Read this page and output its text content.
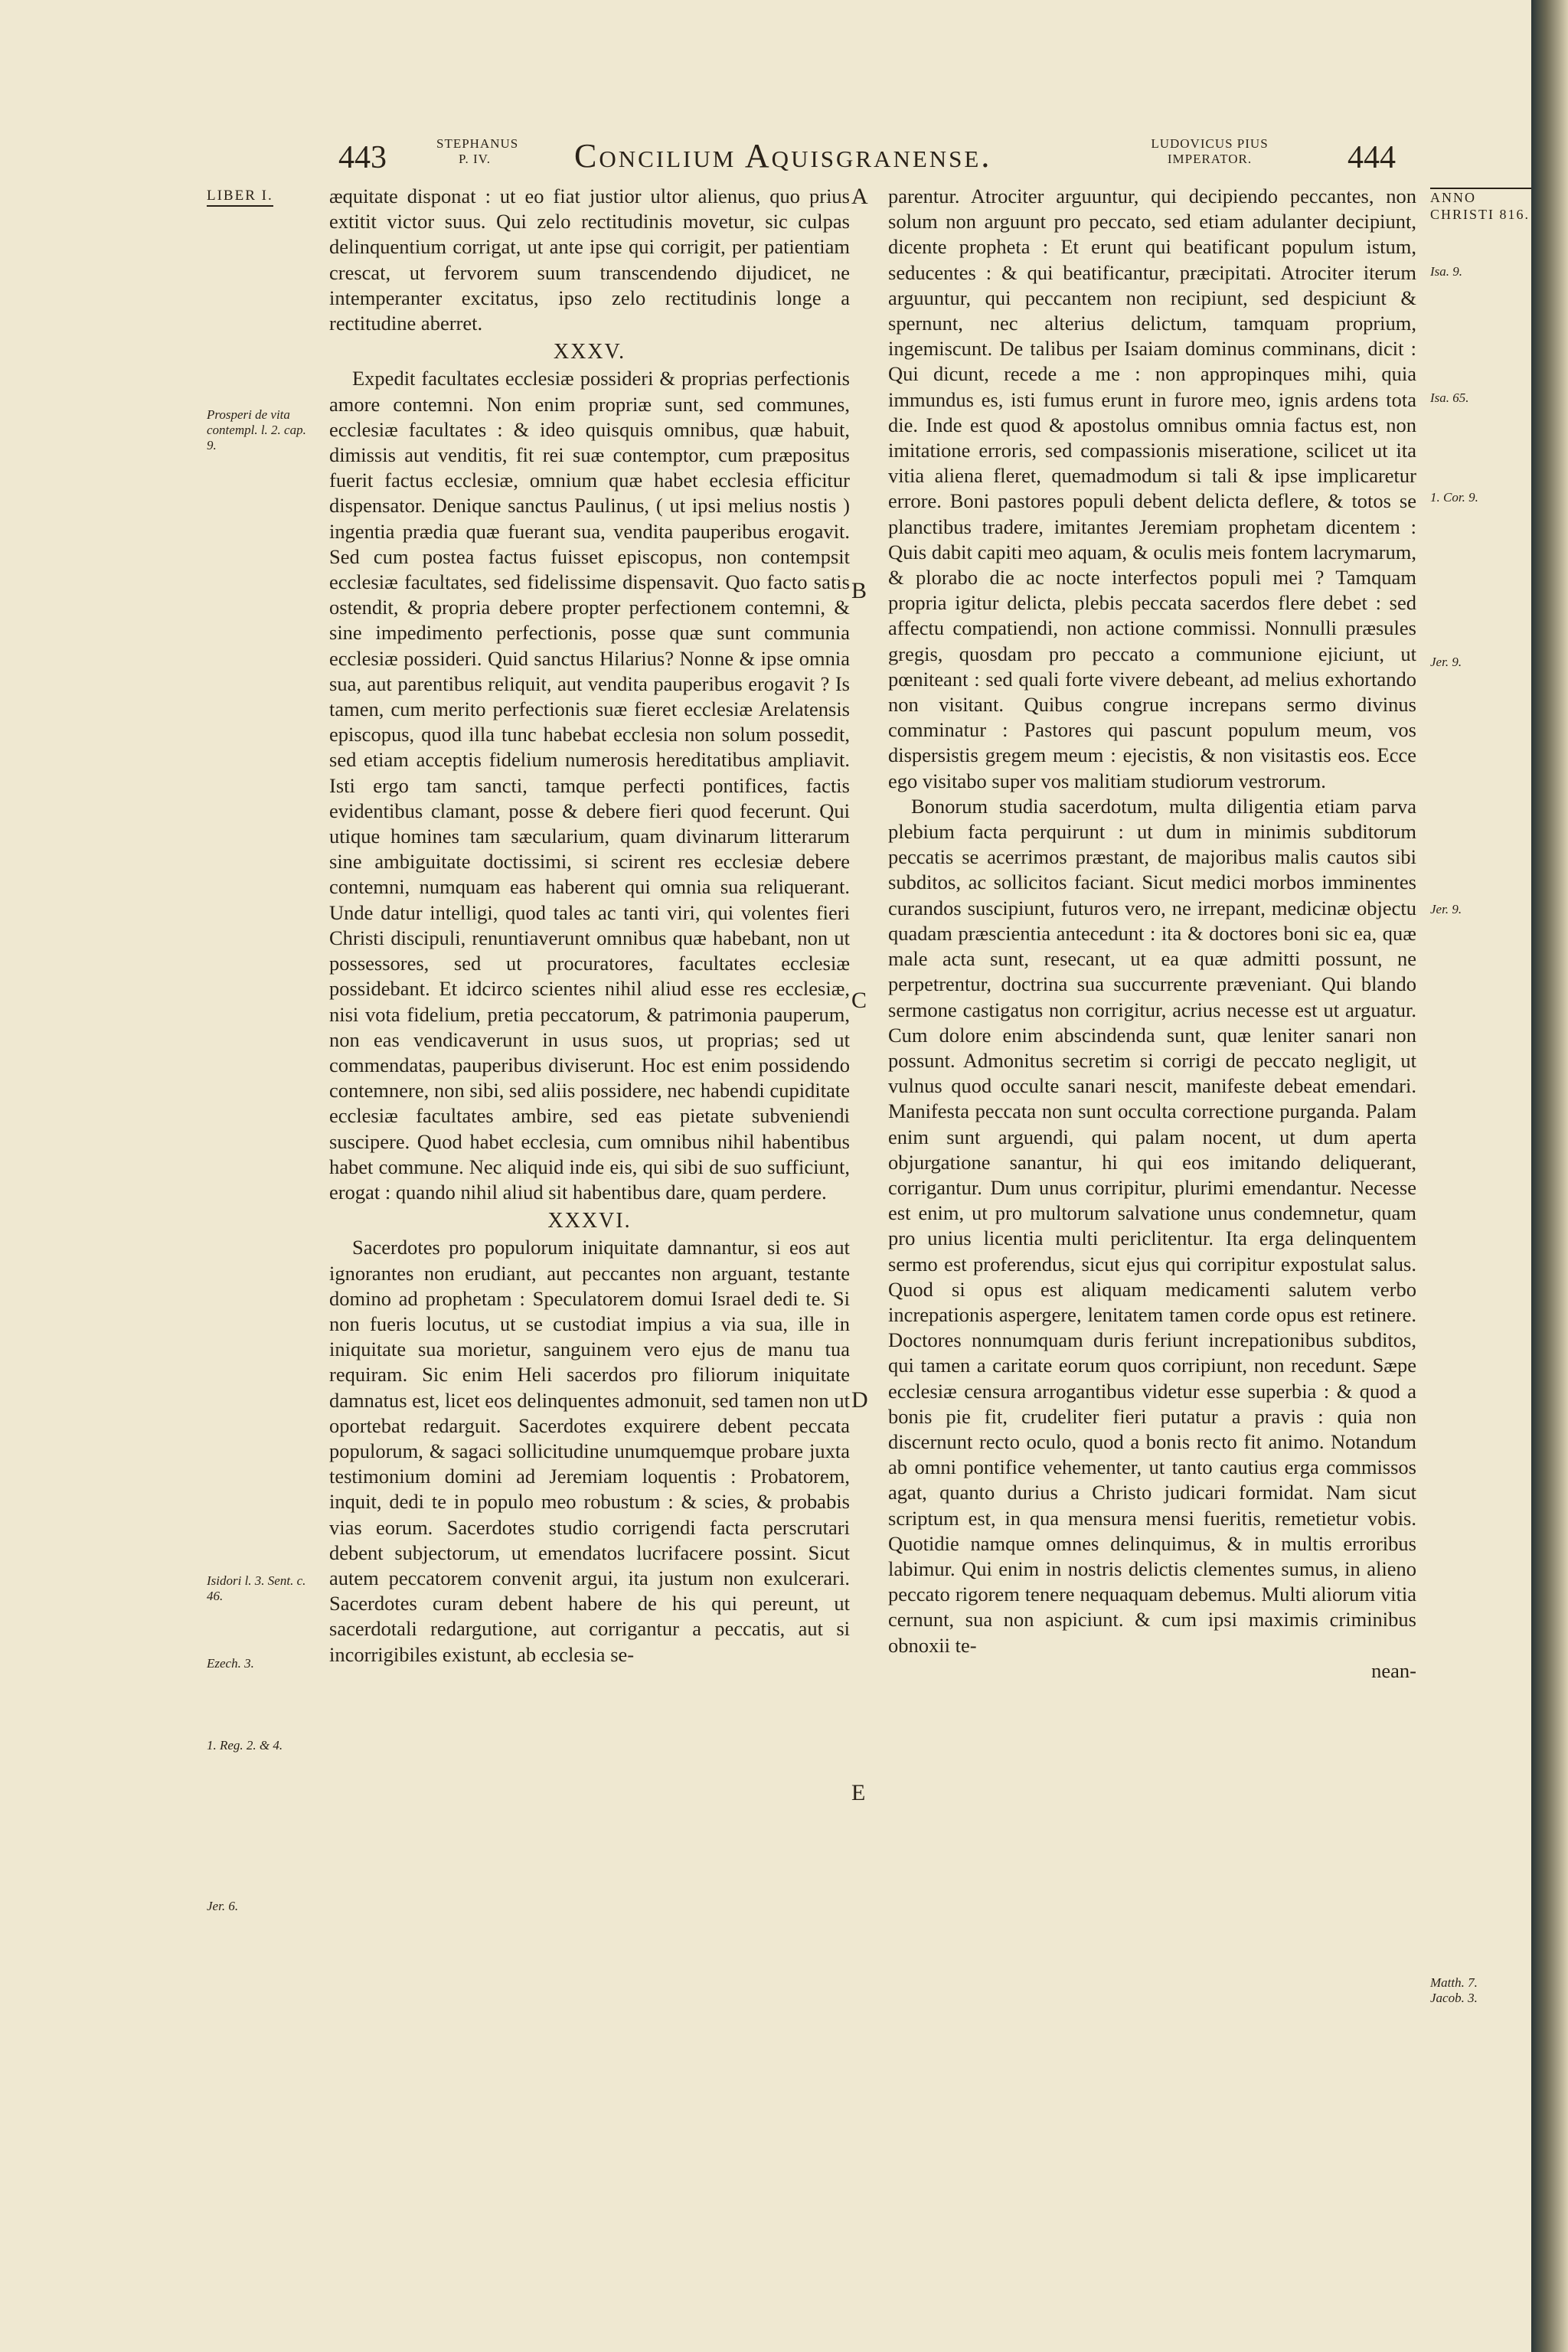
443	STEPHANUS P. IV.	Concilium Aquisgranense.	LUDOVICUS PIUS IMPERATOR.	444
LIBER I.	ANNO CHRISTI 816.
Prosperi de vita contempl. l. 2. cap. 9.
Isidori l. 3. Sent. c. 46.
Ezech. 3.
1. Reg. 2. & 4.
Jer. 6.
Isa. 9.
Isa. 65.
1. Cor. 9.
Jer. 9.
Jer. 9.
Matth. 7. Jacob. 3.
A
B
C
D
E

æquitate disponat : ut eo fiat justior ultor alienus, quo prius extitit victor suus. Qui zelo rectitudinis movetur, sic culpas delinquentium corrigat, ut ante ipse qui corrigit, per patientiam crescat, ut fervorem suum transcendendo dijudicet, ne intemperanter excitatus, ipso zelo rectitudinis longe a rectitudine aberret.

XXXV.

Expedit facultates ecclesiæ possideri & proprias perfectionis amore contemni. Non enim propriæ sunt, sed communes, ecclesiæ facultates : & ideo quisquis omnibus, quæ habuit, dimissis aut venditis, fit rei suæ contemptor, cum præpositus fuerit factus ecclesiæ, omnium quæ habet ecclesia efficitur dispensator. Denique sanctus Paulinus, ( ut ipsi melius nostis ) ingentia prædia quæ fuerant sua, vendita pauperibus erogavit. Sed cum postea factus fuisset episcopus, non contempsit ecclesiæ facultates, sed fidelissime dispensavit. Quo facto satis ostendit, & propria debere propter perfectionem contemni, & sine impedimento perfectionis, posse quæ sunt communia ecclesiæ possideri. Quid sanctus Hilarius? Nonne & ipse omnia sua, aut parentibus reliquit, aut vendita pauperibus erogavit ? Is tamen, cum merito perfectionis suæ fieret ecclesiæ Arelatensis episcopus, quod illa tunc habebat ecclesia non solum possedit, sed etiam acceptis fidelium numerosis hereditatibus ampliavit. Isti ergo tam sancti, tamque perfecti pontifices, factis evidentibus clamant, posse & debere fieri quod fecerunt. Qui utique homines tam sæcularium, quam divinarum litterarum sine ambiguitate doctissimi, si scirent res ecclesiæ debere contemni, numquam eas haberent qui omnia sua reliquerant. Unde datur intelligi, quod tales ac tanti viri, qui volentes fieri Christi discipuli, renuntiaverunt omnibus quæ habebant, non ut possessores, sed ut procuratores, facultates ecclesiæ possidebant. Et idcirco scientes nihil aliud esse res ecclesiæ, nisi vota fidelium, pretia peccatorum, & patrimonia pauperum, non eas vendicaverunt in usus suos, ut proprias; sed ut commendatas, pauperibus diviserunt. Hoc est enim possidendo contemnere, non sibi, sed aliis possidere, nec habendi cupiditate ecclesiæ facultates ambire, sed eas pietate subveniendi suscipere. Quod habet ecclesia, cum omnibus nihil habentibus habet commune. Nec aliquid inde eis, qui sibi de suo sufficiunt, erogat : quando nihil aliud sit habentibus dare, quam perdere.

XXXVI.

Sacerdotes pro populorum iniquitate damnantur, si eos aut ignorantes non erudiant, aut peccantes non arguant, testante domino ad prophetam : Speculatorem domui Israel dedi te. Si non fueris locutus, ut se custodiat impius a via sua, ille in iniquitate sua morietur, sanguinem vero ejus de manu tua requiram. Sic enim Heli sacerdos pro filiorum iniquitate damnatus est, licet eos delinquentes admonuit, sed tamen non ut oportebat redarguit. Sacerdotes exquirere debent peccata populorum, & sagaci sollicitudine unumquemque probare juxta testimonium domini ad Jeremiam loquentis : Probatorem, inquit, dedi te in populo meo robustum : & scies, & probabis vias eorum. Sacerdotes studio corrigendi facta perscrutari debent subjectorum, ut emendatos lucrifacere possint. Sicut autem peccatorem convenit argui, ita justum non exulcerari. Sacerdotes curam debent habere de his qui pereunt, ut sacerdotali redargutione, aut corrigantur a peccatis, aut si incorrigibiles existunt, ab ecclesia se-

parentur. Atrociter arguuntur, qui decipiendo peccantes, non solum non arguunt pro peccato, sed etiam adulanter decipiunt, dicente propheta : Et erunt qui beatificant populum istum, seducentes : & qui beatificantur, præcipitati. Atrociter iterum arguuntur, qui peccantem non recipiunt, sed despiciunt & spernunt, nec alterius delictum, tamquam proprium, ingemiscunt. De talibus per Isaiam dominus comminans, dicit : Qui dicunt, recede a me : non appropinques mihi, quia immundus es, isti fumus erunt in furore meo, ignis ardens tota die. Inde est quod & apostolus omnibus omnia factus est, non imitatione erroris, sed compassionis miseratione, scilicet ut ita vitia aliena fleret, quemadmodum si tali & ipse implicaretur errore. Boni pastores populi debent delicta deflere, & totos se planctibus tradere, imitantes Jeremiam prophetam dicentem : Quis dabit capiti meo aquam, & oculis meis fontem lacrymarum, & plorabo die ac nocte interfectos populi mei ? Tamquam propria igitur delicta, plebis peccata sacerdos flere debet : sed affectu compatiendi, non actione commissi. Nonnulli præsules gregis, quosdam pro peccato a communione ejiciunt, ut pœniteant : sed quali forte vivere debeant, ad melius exhortando non visitant. Quibus congrue increpans sermo divinus comminatur : Pastores qui pascunt populum meum, vos dispersistis gregem meum : ejecistis, & non visitastis eos. Ecce ego visitabo super vos malitiam studiorum vestrorum.

Bonorum studia sacerdotum, multa diligentia etiam parva plebium facta perquirunt : ut dum in minimis subditorum peccatis se acerrimos præstant, de majoribus malis cautos sibi subditos, ac sollicitos faciant. Sicut medici morbos imminentes curandos suscipiunt, futuros vero, ne irrepant, medicinæ objectu quadam præscientia antecedunt : ita & doctores boni sic ea, quæ male acta sunt, resecant, ut ea quæ admitti possunt, ne perpetrentur, doctrina sua succurrente præveniant. Qui blando sermone castigatus non corrigitur, acrius necesse est ut arguatur. Cum dolore enim abscindenda sunt, quæ leniter sanari non possunt. Admonitus secretim si corrigi de peccato negligit, ut vulnus quod occulte sanari nescit, manifeste debeat emendari. Manifesta peccata non sunt occulta correctione purganda. Palam enim sunt arguendi, qui palam nocent, ut dum aperta objurgatione sanantur, hi qui eos imitando deliquerant, corrigantur. Dum unus corripitur, plurimi emendantur. Necesse est enim, ut pro multorum salvatione unus condemnetur, quam pro unius licentia multi periclitentur. Ita erga delinquentem sermo est proferendus, sicut ejus qui corripitur expostulat salus. Quod si opus est aliquam medicamenti salutem verbo increpationis aspergere, lenitatem tamen corde opus est retinere. Doctores nonnumquam duris feriunt increpationibus subditos, qui tamen a caritate eorum quos corripiunt, non recedunt. Sæpe ecclesiæ censura arrogantibus videtur esse superbia : & quod a bonis pie fit, crudeliter fieri putatur a pravis : quia non discernunt recto oculo, quod a bonis recto fit animo. Notandum ab omni pontifice vehementer, ut tanto cautius erga commissos agat, quanto durius a Christo judicari formidat. Nam sicut scriptum est, in qua mensura mensi fueritis, remetietur vobis. Quotidie namque omnes delinquimus, & in multis erroribus labimur. Qui enim in nostris delictis clementes sumus, in alieno peccato rigorem tenere nequaquam debemus. Multi aliorum vitia cernunt, sua non aspiciunt. & cum ipsi maximis criminibus obnoxii te-

nean-
